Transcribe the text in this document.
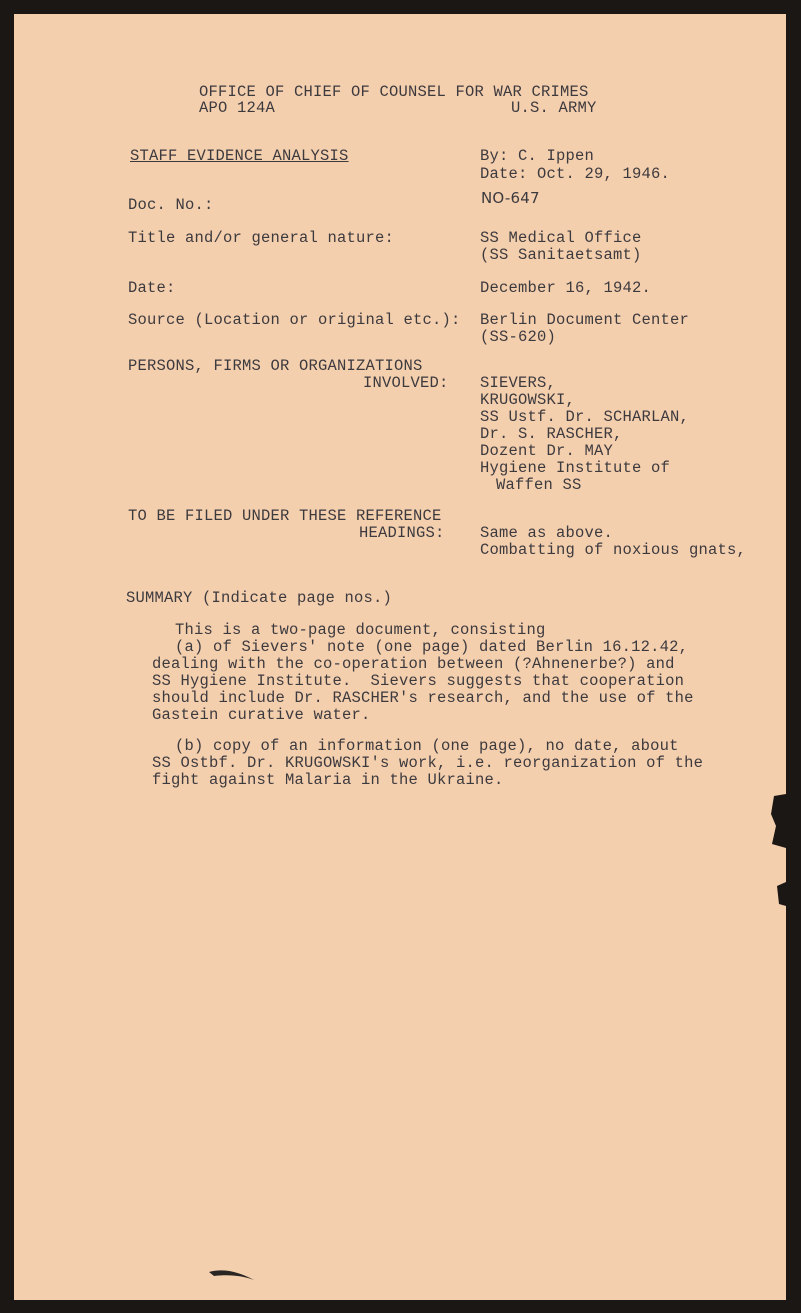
OFFICE OF CHIEF OF COUNSEL FOR WAR CRIMES
APO 124A	U.S. ARMY
STAFF EVIDENCE ANALYSIS	By: C. Ippen
Date: Oct. 29, 1946.
Doc. No.:	NO-647
Title and/or general nature:	SS Medical Office
(SS Sanitaetsamt)
Date:	December 16, 1942.
Source (Location or original etc.): Berlin Document Center
(SS-620)
PERSONS, FIRMS OR ORGANIZATIONS
INVOLVED: SIEVERS,
KRUGOWSKI,
SS Ustf. Dr. SCHARLAN,
Dr. S. RASCHER,
Dozent Dr. MAY
Hygiene Institute of
Waffen SS
TO BE FILED UNDER THESE REFERENCE
HEADINGS: Same as above.
Combatting of noxious gnats,
SUMMARY (Indicate page nos.)
This is a two-page document, consisting
(a) of Sievers' note (one page) dated Berlin 16.12.42,
dealing with the co-operation between (?Ahnenerbe?) and
SS Hygiene Institute.  Sievers suggests that cooperation
should include Dr. RASCHER's research, and the use of the
Gastein curative water.
(b) copy of an information (one page), no date, about
SS Ostbf. Dr. KRUGOWSKI's work, i.e. reorganization of the
fight against Malaria in the Ukraine.
